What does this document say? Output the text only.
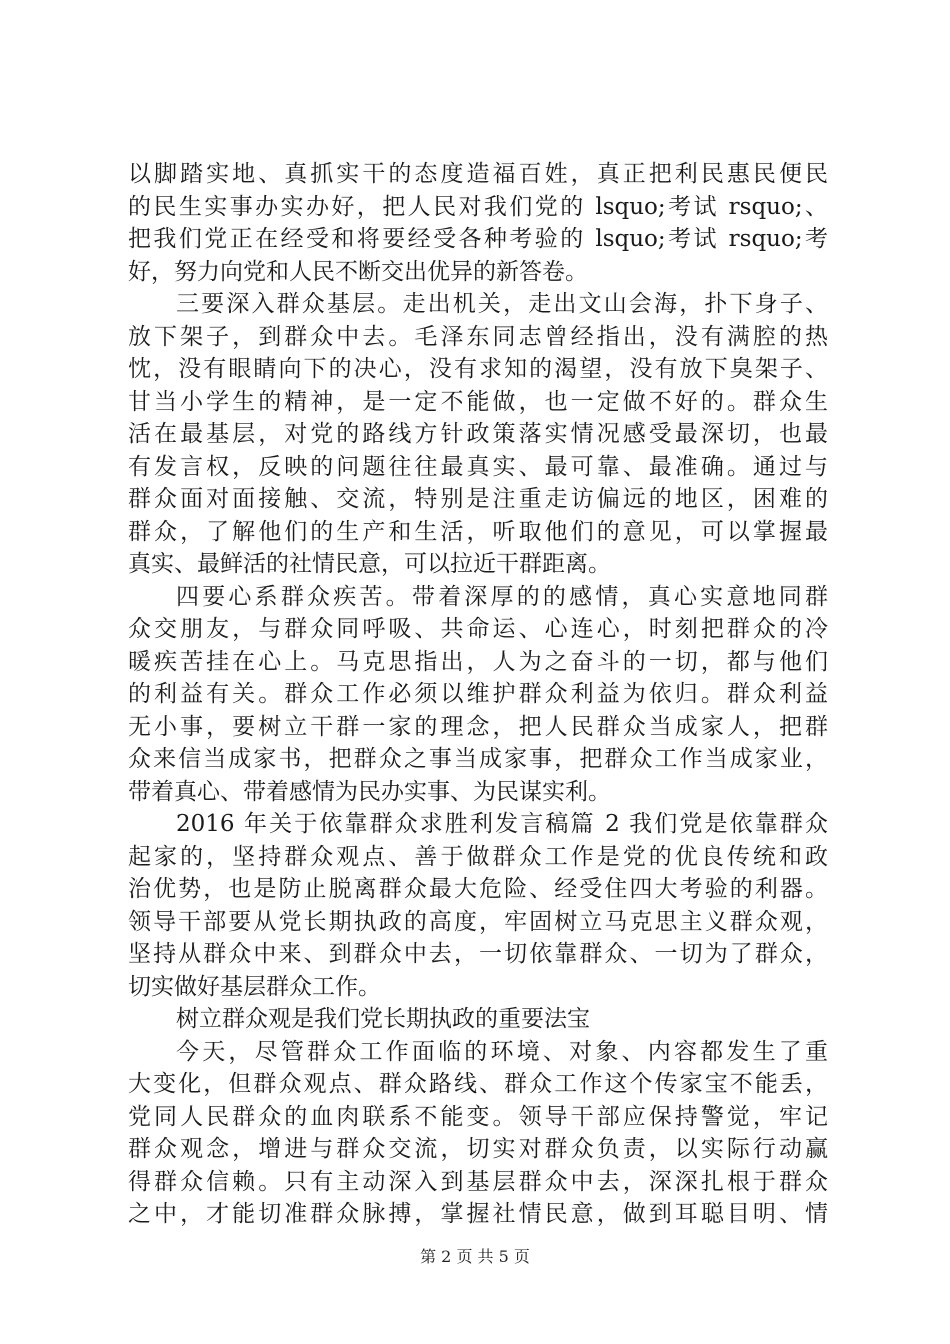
以脚踏实地、真抓实干的态度造福百姓，真正把利民惠民便民
的民生实事办实办好，把人民对我们党的 lsquo;考试 rsquo;、
把我们党正在经受和将要经受各种考验的 lsquo;考试 rsquo;考
好，努力向党和人民不断交出优异的新答卷。
三要深入群众基层。走出机关，走出文山会海，扑下身子、
放下架子，到群众中去。毛泽东同志曾经指出，没有满腔的热
忱，没有眼睛向下的决心，没有求知的渴望，没有放下臭架子、
甘当小学生的精神，是一定不能做，也一定做不好的。群众生
活在最基层，对党的路线方针政策落实情况感受最深切，也最
有发言权，反映的问题往往最真实、最可靠、最准确。通过与
群众面对面接触、交流，特别是注重走访偏远的地区，困难的
群众，了解他们的生产和生活，听取他们的意见，可以掌握最
真实、最鲜活的社情民意，可以拉近干群距离。
四要心系群众疾苦。带着深厚的的感情，真心实意地同群
众交朋友，与群众同呼吸、共命运、心连心，时刻把群众的冷
暖疾苦挂在心上。马克思指出，人为之奋斗的一切，都与他们
的利益有关。群众工作必须以维护群众利益为依归。群众利益
无小事，要树立干群一家的理念，把人民群众当成家人，把群
众来信当成家书，把群众之事当成家事，把群众工作当成家业，
带着真心、带着感情为民办实事、为民谋实利。
2016 年关于依靠群众求胜利发言稿篇 2 我们党是依靠群众
起家的，坚持群众观点、善于做群众工作是党的优良传统和政
治优势，也是防止脱离群众最大危险、经受住四大考验的利器。
领导干部要从党长期执政的高度，牢固树立马克思主义群众观，
坚持从群众中来、到群众中去，一切依靠群众、一切为了群众，
切实做好基层群众工作。
树立群众观是我们党长期执政的重要法宝
今天，尽管群众工作面临的环境、对象、内容都发生了重
大变化，但群众观点、群众路线、群众工作这个传家宝不能丢，
党同人民群众的血肉联系不能变。领导干部应保持警觉，牢记
群众观念，增进与群众交流，切实对群众负责，以实际行动赢
得群众信赖。只有主动深入到基层群众中去，深深扎根于群众
之中，才能切准群众脉搏，掌握社情民意，做到耳聪目明、情
第 2 页 共 5 页
